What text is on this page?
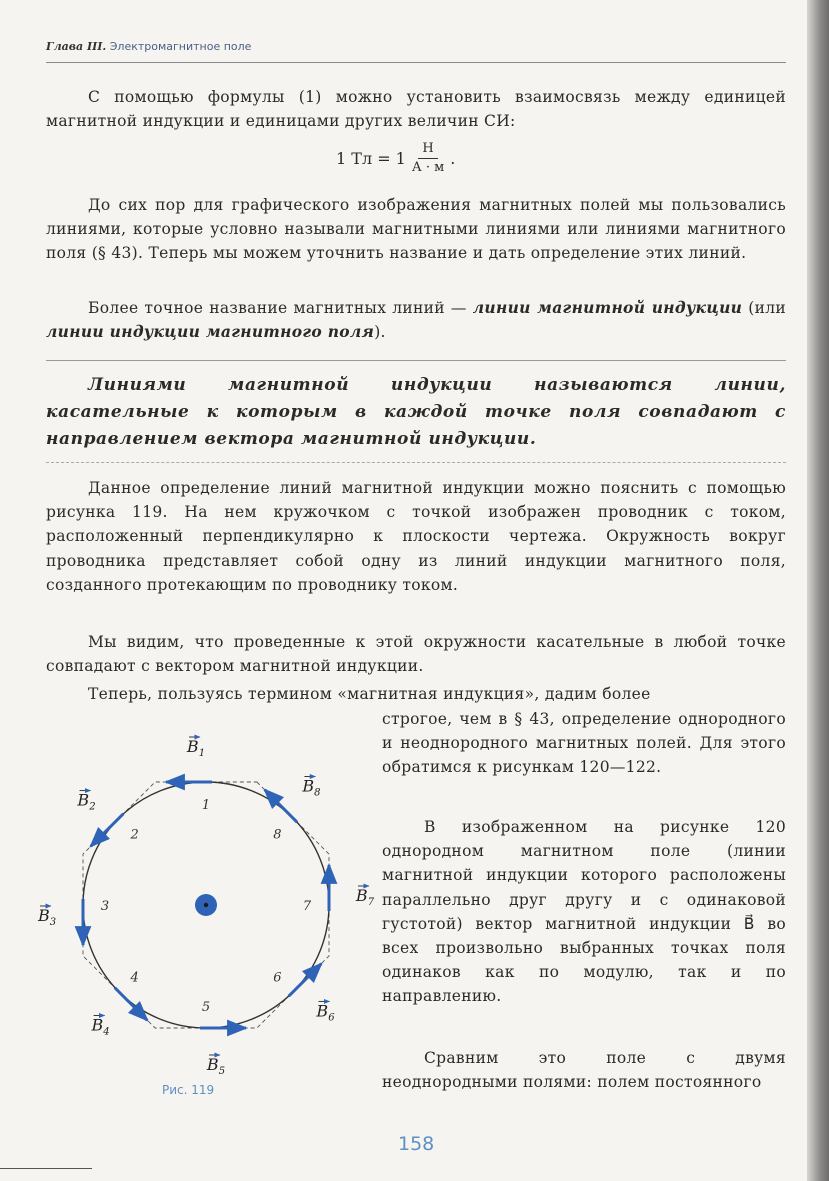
Глава III. Электромагнитное поле

С помощью формулы (1) можно установить взаимосвязь между единицей магнитной индукции и единицами других величин СИ:

1 Тл = $1 \frac{Н}{А \cdot м}$ .

До сих пор для графического изображения магнитных полей мы пользовались линиями, которые условно называли магнитными линиями или линиями магнитного поля (§ 43). Теперь мы можем уточнить название и дать определение этих линий.

Более точное название магнитных линий — линии магнитной индукции (или линии индукции магнитного поля).

Линиями магнитной индукции называются линии, касательные к которым в каждой точке поля совпадают с направлением вектора магнитной индукции.

Данное определение линий магнитной индукции можно пояснить с помощью рисунка 119. На нем кружочком с точкой изображен проводник с током, расположенный перпендикулярно к плоскости чертежа. Окружность вокруг проводника представляет собой одну из линий индукции магнитного поля, созданного протекающим по проводнику током.

Мы видим, что проведенные к этой окружности касательные в любой точке совпадают с вектором магнитной индукции.

Теперь, пользуясь термином «магнитная индукция», дадим более

строгое, чем в § 43, определение однородного и неоднородного магнитных полей. Для этого обратимся к рисункам 120—122.

В изображенном на рисунке 120 однородном магнитном поле (линии магнитной индукции которого расположены параллельно друг другу и с одинаковой густотой) вектор магнитной индукции B⃗ во всех произвольно выбранных точках поля одинаков как по модулю, так и по направлению.

Сравним это поле с двумя неоднородными полями: полем постоянного

1
2
3
4
5
6
7
8
$B_1$
$B_2$
$B_3$
$B_4$
$B_5$
$B_6$
$B_7$
$B_8$
Рис. 119
158
